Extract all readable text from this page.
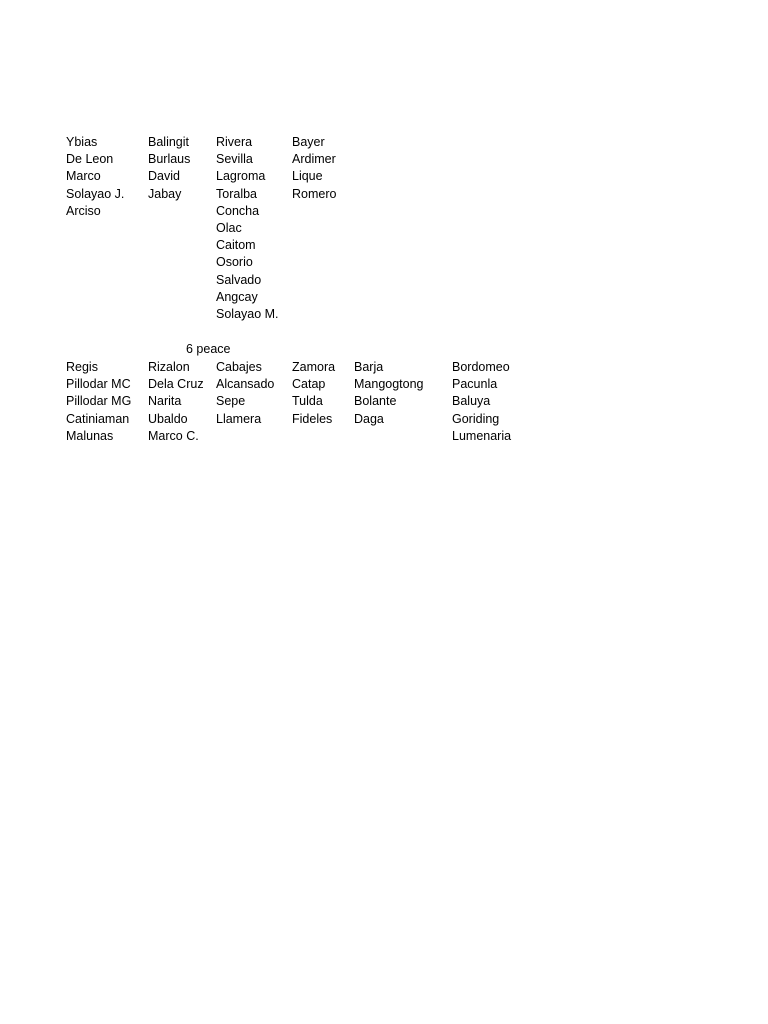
Ybias
De Leon
Marco
Solayao J.
Arciso
Balingit
Burlaus
David
Jabay
Rivera
Sevilla
Lagroma
Toralba
Concha
Olac
Caitom
Osorio
Salvado
Angcay
Solayao M.
Bayer
Ardimer
Lique
Romero
6 peace
Regis
Pillodar MC
Pillodar MG
Catiniaman
Malunas
Rizalon
Dela Cruz
Narita
Ubaldo
Marco C.
Cabajes
Alcansado
Sepe
Llamera
Zamora
Catap
Tulda
Fideles
Barja
Mangogtong
Bolante
Daga
Bordomeo
Pacunla
Baluya
Goriding
Lumenaria
